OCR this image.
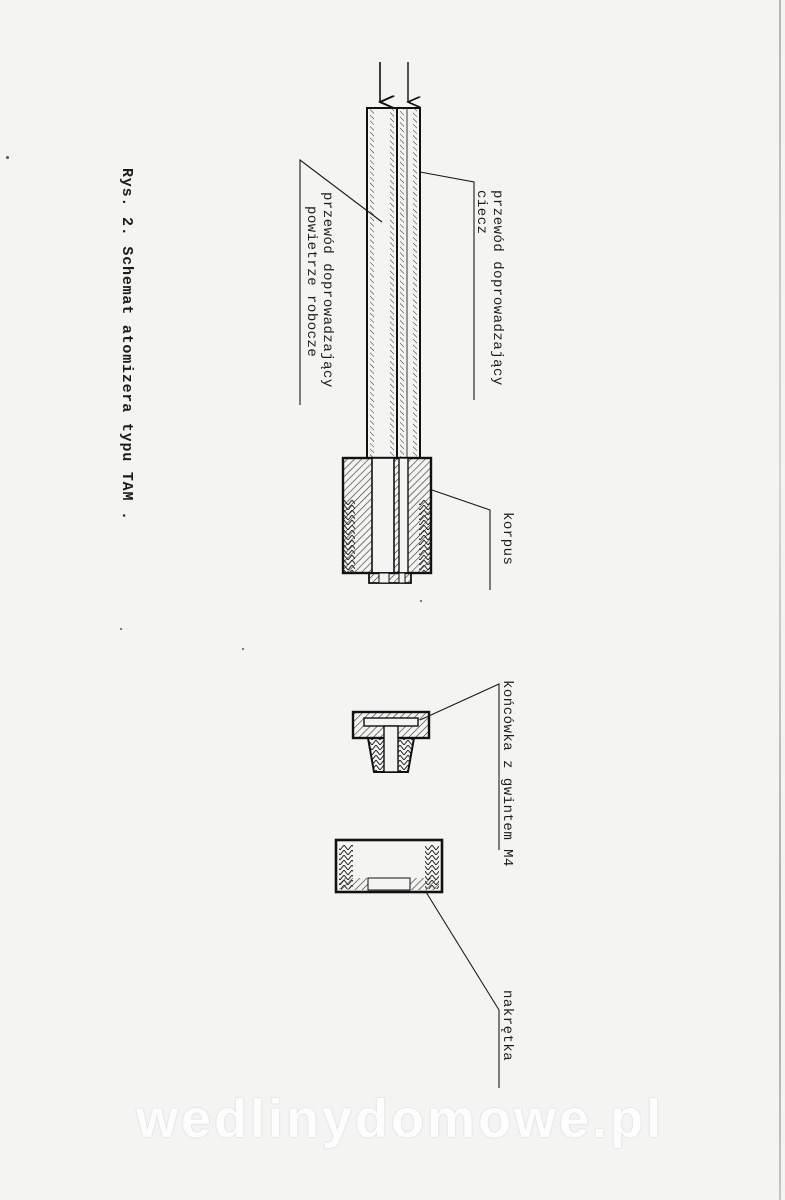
przewód doprowadzający
ciecz
przewód doprowadzający
powietrze robocze
korpus
końcówka z gwintem M4
nakrętka
Rys. 2. Schemat atomizera typu TAM .
wedlinydomowe.pl
